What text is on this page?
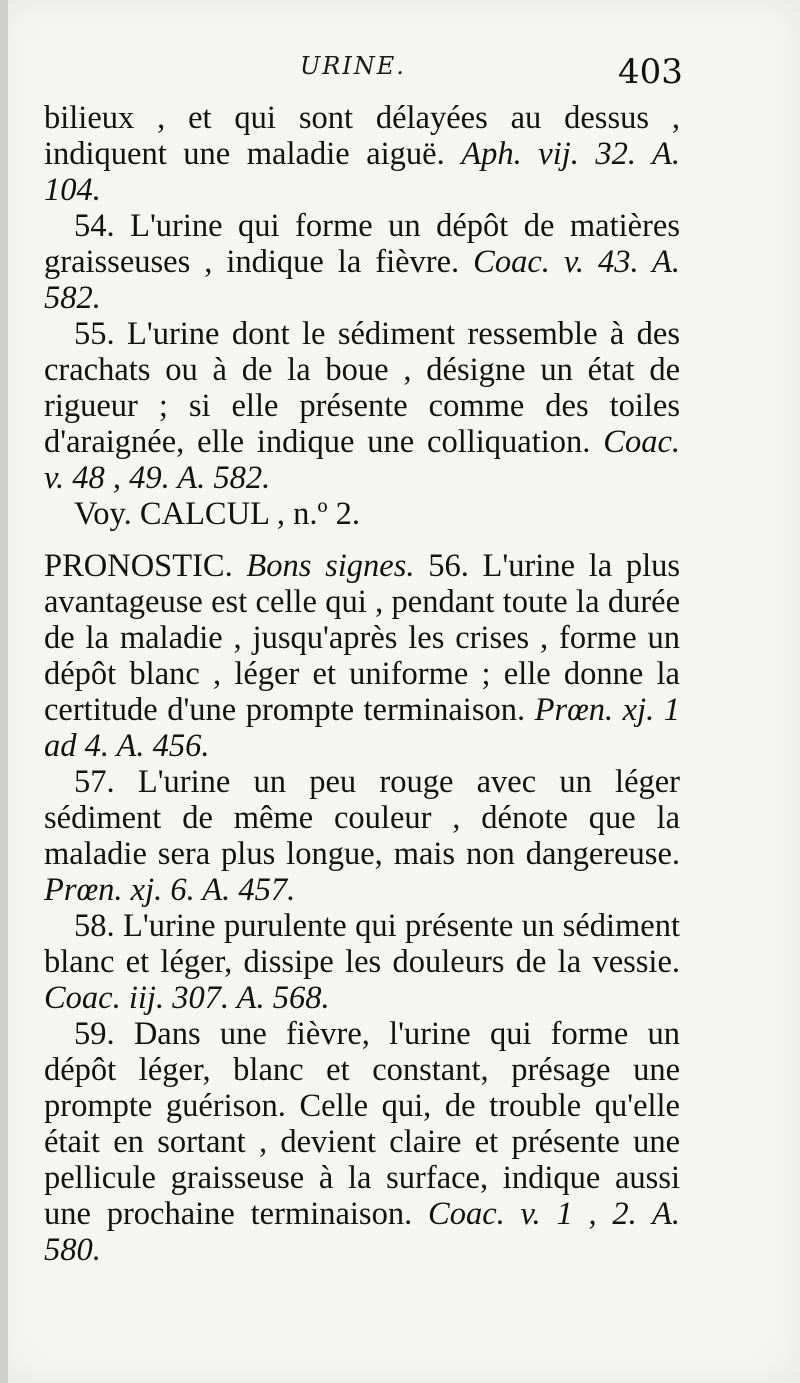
URINE.	403

bilieux , et qui sont délayées au dessus , indiquent une maladie aiguë. Aph. vij. 32. A. 104.

54. L'urine qui forme un dépôt de matières graisseuses , indique la fièvre. Coac. v. 43. A. 582.

55. L'urine dont le sédiment ressemble à des crachats ou à de la boue , désigne un état de rigueur ; si elle présente comme des toiles d'araignée, elle indique une colliquation. Coac. v. 48 , 49. A. 582.

Voy. CALCUL , n.º 2.

PRONOSTIC. Bons signes. 56. L'urine la plus avantageuse est celle qui , pendant toute la durée de la maladie , jusqu'après les crises , forme un dépôt blanc , léger et uniforme ; elle donne la certitude d'une prompte terminaison. Prœn. xj. 1 ad 4. A. 456.

57. L'urine un peu rouge avec un léger sédiment de même couleur , dénote que la maladie sera plus longue, mais non dangereuse. Prœn. xj. 6. A. 457.

58. L'urine purulente qui présente un sédiment blanc et léger, dissipe les douleurs de la vessie. Coac. iij. 307. A. 568.

59. Dans une fièvre, l'urine qui forme un dépôt léger, blanc et constant, présage une prompte guérison. Celle qui, de trouble qu'elle était en sortant , devient claire et présente une pellicule graisseuse à la surface, indique aussi une prochaine terminaison. Coac. v. 1 , 2. A. 580.
